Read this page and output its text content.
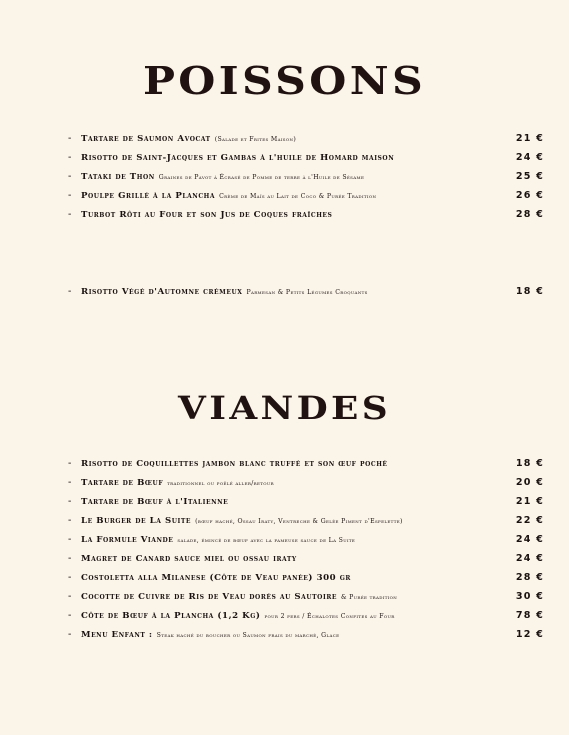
POISSONS
VIANDES
-	Tartare de Saumon Avocat (Salade et Frites Maison)	21 €
-	Risotto de Saint-Jacques et Gambas à l'huile de Homard maison	24 €
-	Tataki de Thon Graines de Pavot à Écrasé de Pomme de terre à l'Huile de Sésame	25 €
-	Poulpe Grillé à la Plancha Crème de Maïs au Lait de Coco & Purée Tradition	26 €
-	Turbot Rôti au Four et son Jus de Coques fraîches	28 €
-	Risotto Végé d'Automne crémeux Parmesan & Petits Légumes Croquants	18 €
-	Risotto de Coquillettes jambon blanc truffé et son œuf poché	18 €
-	Tartare de Bœuf traditionnel ou poêlé aller/retour	20 €
-	Tartare de Bœuf à l'Italienne	21 €
-	Le Burger de La Suite (bœuf haché, Ossau Iraty, Ventreche & Gelée Piment d'Espelette)	22 €
-	La Formule Viande salade, émincé de bœuf avec la fameuse sauce de La Suite	24 €
-	Magret de Canard sauce miel ou ossau iraty	24 €
-	Costoletta alla Milanese (Côte de Veau panée) 300 gr	28 €
-	Cocotte de Cuivre de Ris de Veau dorés au Sautoire & Purée tradition	30 €
-	Côte de Bœuf à la Plancha (1,2 Kg) pour 2 pers / Échalotes Confites au Four	78 €
-	Menu Enfant : Steak haché du boucher ou Saumon frais du marché, Glace	12 €
